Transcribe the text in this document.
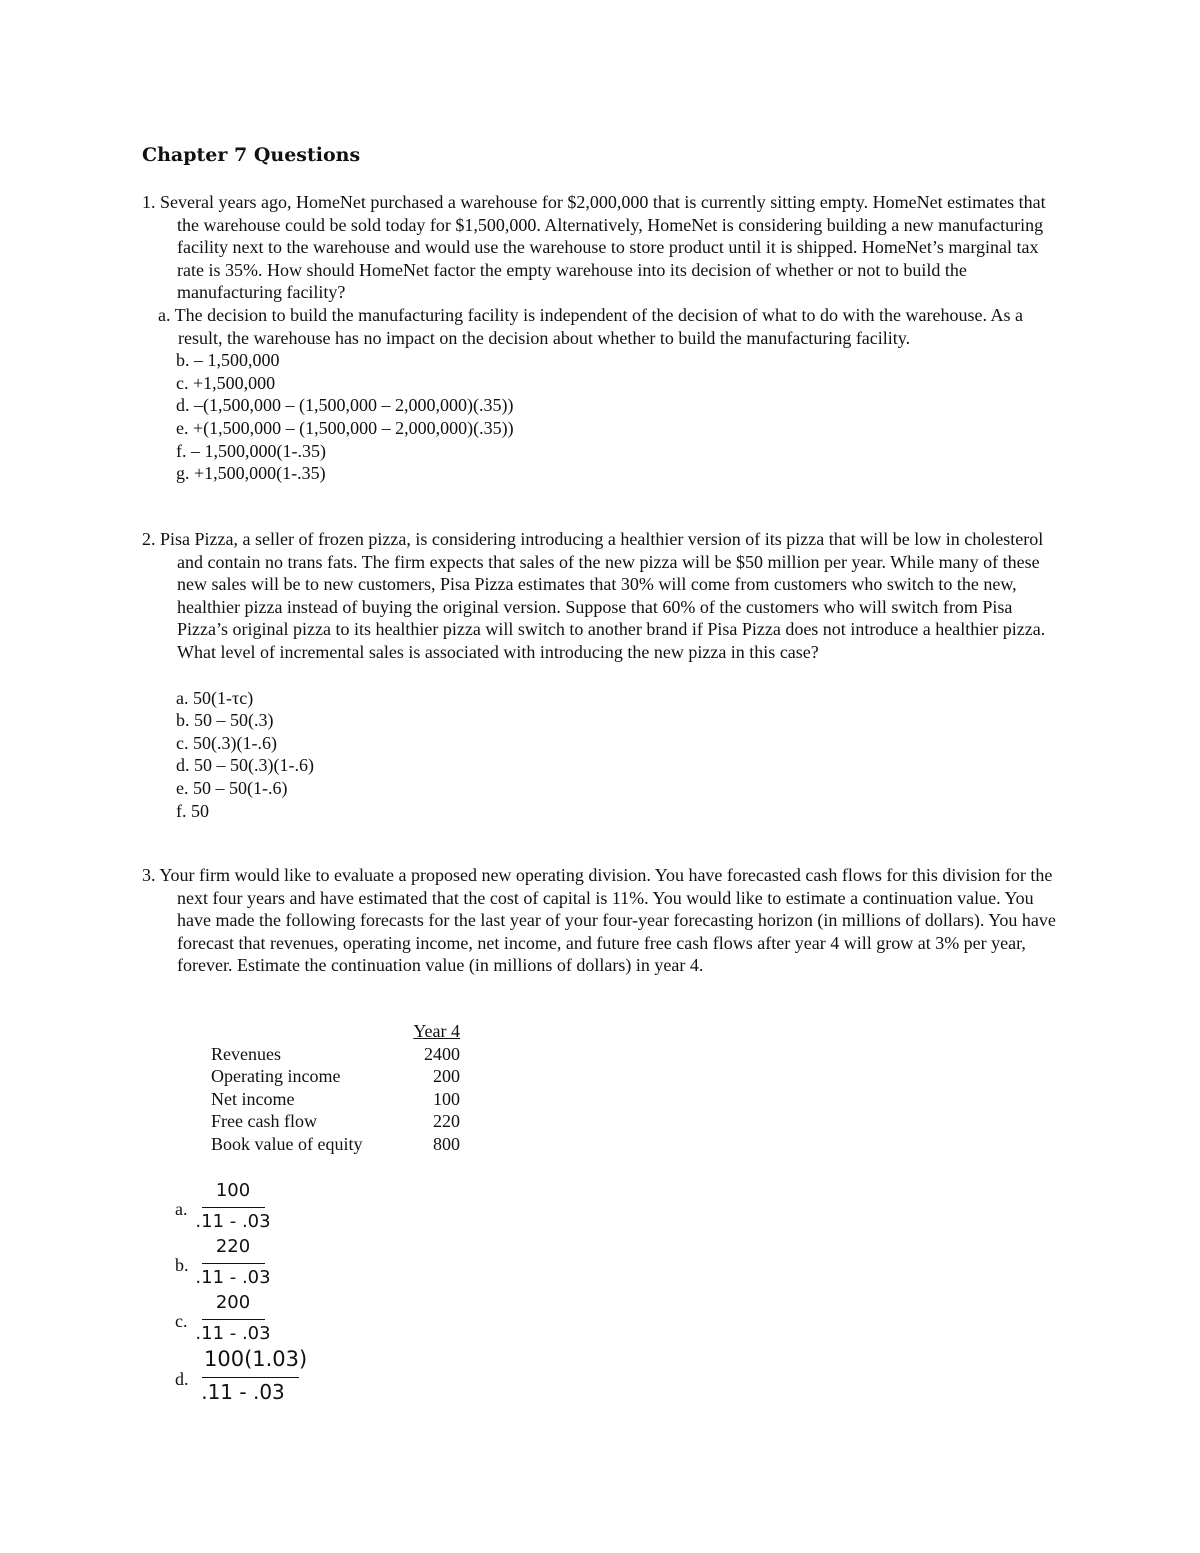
Chapter 7 Questions

1. Several years ago, HomeNet purchased a warehouse for $2,000,000 that is currently sitting empty. HomeNet estimates that the warehouse could be sold today for $1,500,000. Alternatively, HomeNet is considering building a new manufacturing facility next to the warehouse and would use the warehouse to store product until it is shipped. HomeNet’s marginal tax rate is 35%. How should HomeNet factor the empty warehouse into its decision of whether or not to build the manufacturing facility?

a. The decision to build the manufacturing facility is independent of the decision of what to do with the warehouse. As a result, the warehouse has no impact on the decision about whether to build the manufacturing facility.
b. – 1,500,000
c. +1,500,000
d. –(1,500,000 – (1,500,000 – 2,000,000)(.35))
e. +(1,500,000 – (1,500,000 – 2,000,000)(.35))
f. – 1,500,000(1-.35)
g. +1,500,000(1-.35)

2. Pisa Pizza, a seller of frozen pizza, is considering introducing a healthier version of its pizza that will be low in cholesterol and contain no trans fats. The firm expects that sales of the new pizza will be $50 million per year. While many of these new sales will be to new customers, Pisa Pizza estimates that 30% will come from customers who switch to the new, healthier pizza instead of buying the original version. Suppose that 60% of the customers who will switch from Pisa Pizza’s original pizza to its healthier pizza will switch to another brand if Pisa Pizza does not introduce a healthier pizza. What level of incremental sales is associated with introducing the new pizza in this case?

a. 50(1-τc)
b. 50 – 50(.3)
c. 50(.3)(1-.6)
d. 50 – 50(.3)(1-.6)
e. 50 – 50(1-.6)
f. 50

3. Your firm would like to evaluate a proposed new operating division. You have forecasted cash flows for this division for the next four years and have estimated that the cost of capital is 11%. You would like to estimate a continuation value. You have made the following forecasts for the last year of your four-year forecasting horizon (in millions of dollars). You have forecast that revenues, operating income, net income, and future free cash flows after year 4 will grow at 3% per year, forever. Estimate the continuation value (in millions of dollars) in year 4.

Year 4
Revenues	2400
Operating income	200
Net income	100
Free cash flow	220
Book value of equity	800
a.
100
.11 - .03
b.
220
.11 - .03
c.
200
.11 - .03
d.
100(1.03)
.11 - .03
